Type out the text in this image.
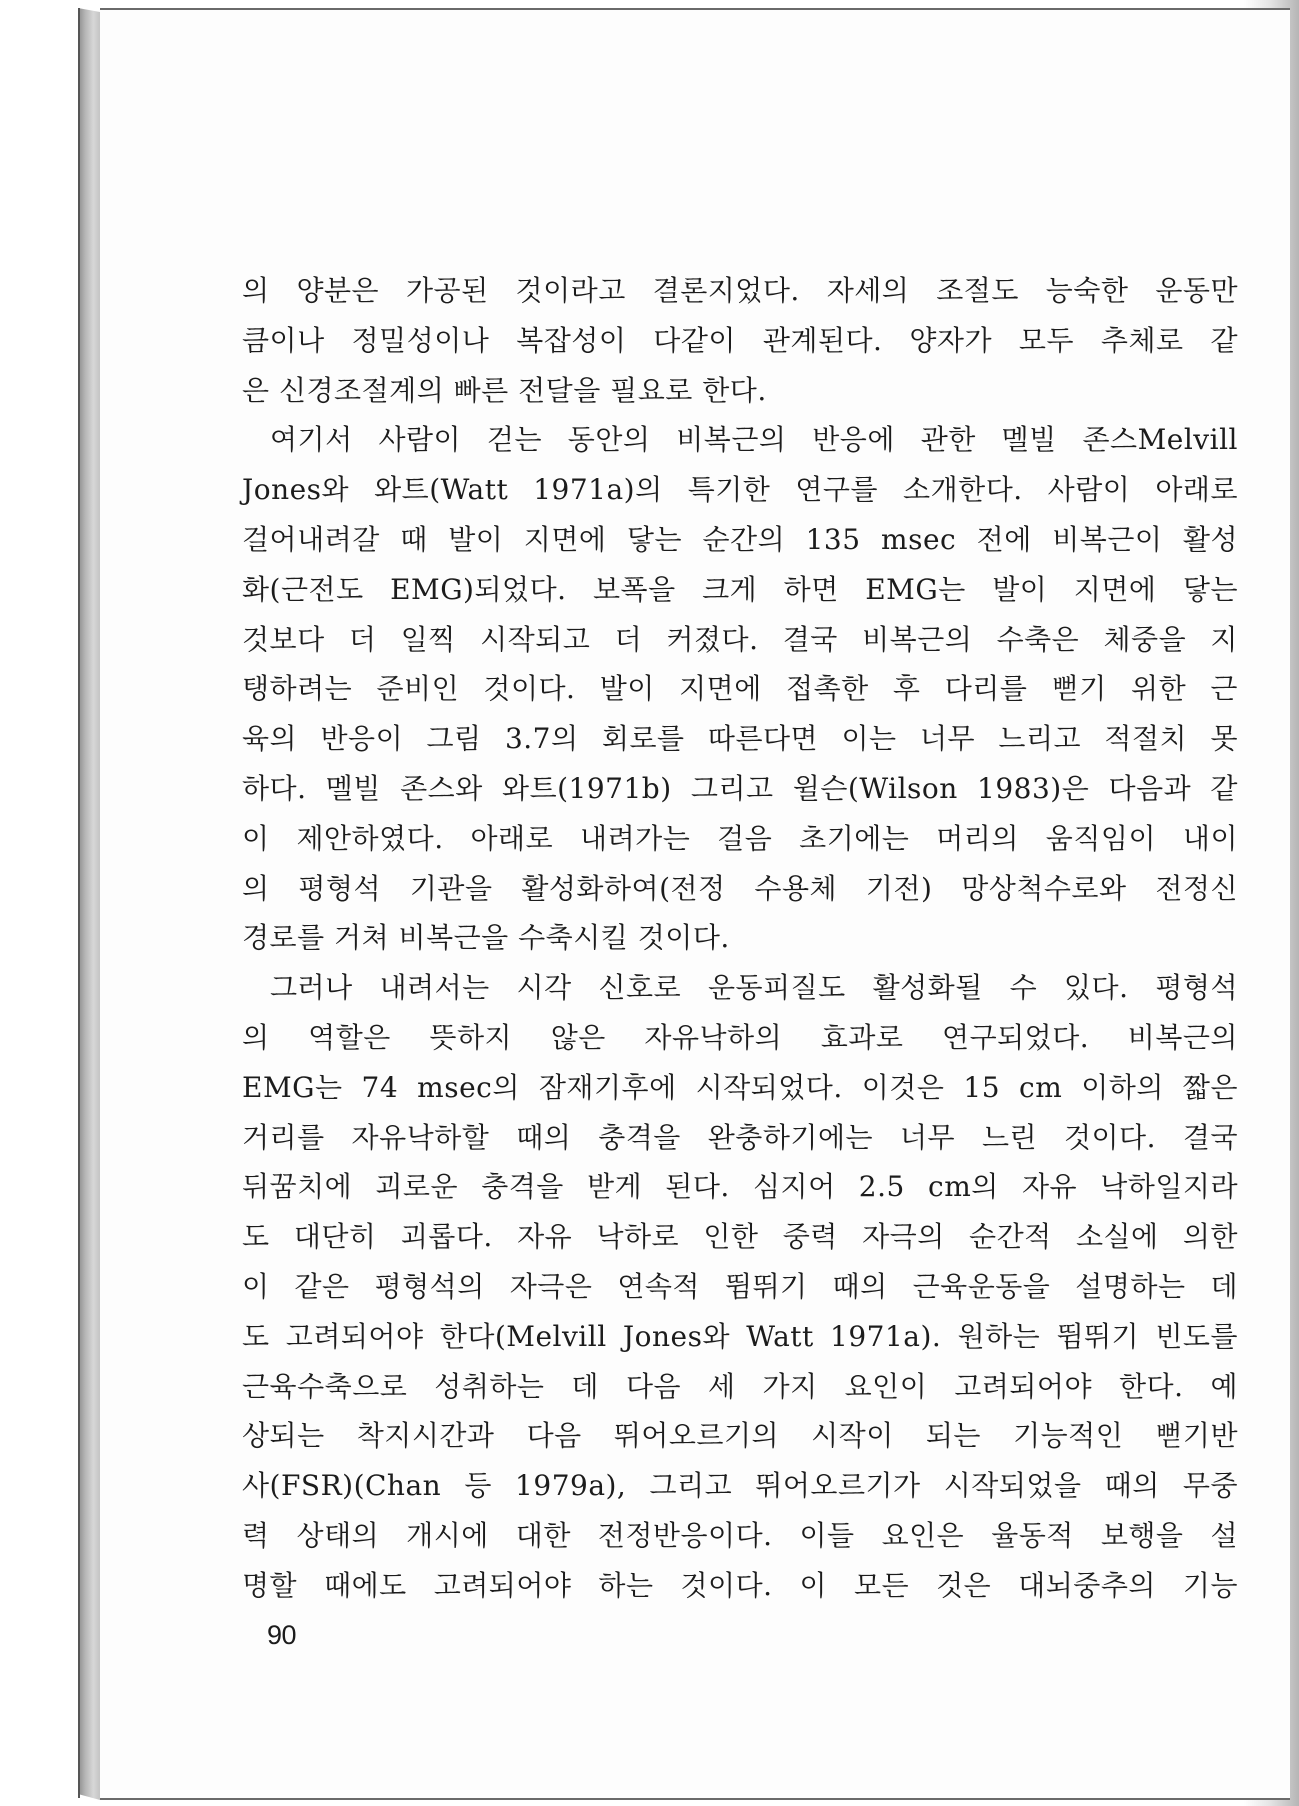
의 양분은 가공된 것이라고 결론지었다. 자세의 조절도 능숙한 운동만
큼이나 정밀성이나 복잡성이 다같이 관계된다. 양자가 모두 추체로 같
은 신경조절계의 빠른 전달을 필요로 한다.
여기서 사람이 걷는 동안의 비복근의 반응에 관한 멜빌 존스Melvill
Jones와 와트(Watt 1971a)의 특기한 연구를 소개한다. 사람이 아래로
걸어내려갈 때 발이 지면에 닿는 순간의 135 msec 전에 비복근이 활성
화(근전도 EMG)되었다. 보폭을 크게 하면 EMG는 발이 지면에 닿는
것보다 더 일찍 시작되고 더 커졌다. 결국 비복근의 수축은 체중을 지
탱하려는 준비인 것이다. 발이 지면에 접촉한 후 다리를 뻗기 위한 근
육의 반응이 그림 3.7의 회로를 따른다면 이는 너무 느리고 적절치 못
하다. 멜빌 존스와 와트(1971b) 그리고 윌슨(Wilson 1983)은 다음과 같
이 제안하였다. 아래로 내려가는 걸음 초기에는 머리의 움직임이 내이
의 평형석 기관을 활성화하여(전정 수용체 기전) 망상척수로와 전정신
경로를 거쳐 비복근을 수축시킬 것이다.
그러나 내려서는 시각 신호로 운동피질도 활성화될 수 있다. 평형석
의 역할은 뜻하지 않은 자유낙하의 효과로 연구되었다. 비복근의
EMG는 74 msec의 잠재기후에 시작되었다. 이것은 15 cm 이하의 짧은
거리를 자유낙하할 때의 충격을 완충하기에는 너무 느린 것이다. 결국
뒤꿈치에 괴로운 충격을 받게 된다. 심지어 2.5 cm의 자유 낙하일지라
도 대단히 괴롭다. 자유 낙하로 인한 중력 자극의 순간적 소실에 의한
이 같은 평형석의 자극은 연속적 뜀뛰기 때의 근육운동을 설명하는 데
도 고려되어야 한다(Melvill Jones와 Watt 1971a). 원하는 뜀뛰기 빈도를
근육수축으로 성취하는 데 다음 세 가지 요인이 고려되어야 한다. 예
상되는 착지시간과 다음 뛰어오르기의 시작이 되는 기능적인 뻗기반
사(FSR)(Chan 등 1979a), 그리고 뛰어오르기가 시작되었을 때의 무중
력 상태의 개시에 대한 전정반응이다. 이들 요인은 율동적 보행을 설
명할 때에도 고려되어야 하는 것이다. 이 모든 것은 대뇌중추의 기능
90
